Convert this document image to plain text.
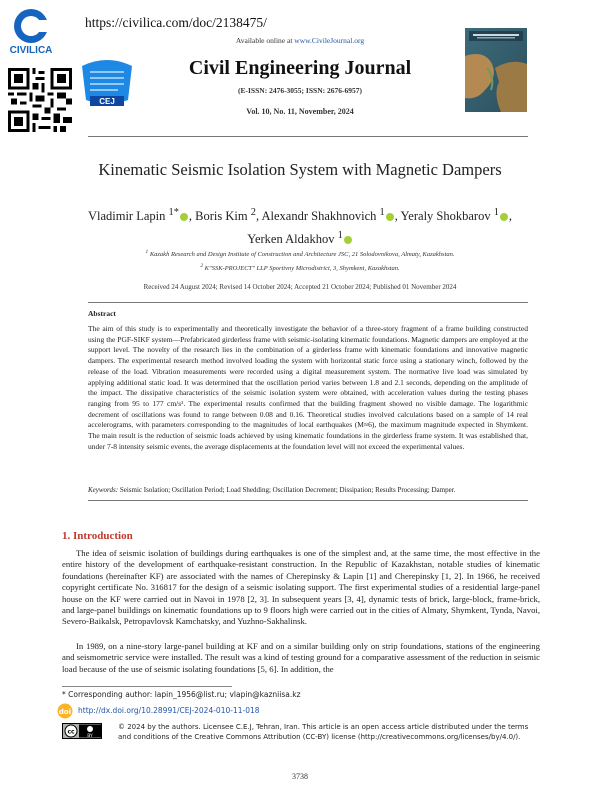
CIVILICA
https://civilica.com/doc/2138475/
CEJ
Available online at www.CivileJournal.org
Civil Engineering Journal
(E-ISSN: 2476-3055; ISSN: 2676-6957)
Vol. 10, No. 11, November, 2024
Kinematic Seismic Isolation System with Magnetic Dampers
Vladimir Lapin $^{1*}$ , Boris Kim $^2$, Alexandr Shakhnovich $^1$ , Yeraly Shokbarov $^1$ ,
Yerken Aldakhov $^1$
$^1$ Kazakh Research and Design Institute of Construction and Architecture JSC, 21 Solodovnikova, Almaty, Kazakhstan.
$^2$ K"SSK-PROJECT" LLP Sportivny Microdistrict, 3, Shymkent, Kazakhstan.
Received 24 August 2024; Revised 14 October 2024; Accepted 21 October 2024; Published 01 November 2024
Abstract
The aim of this study is to experimentally and theoretically investigate the behavior of a three-story fragment of a frame building constructed using the PGF-SIKF system—Prefabricated girderless frame with seismic-isolating kinematic foundations. Magnetic dampers are employed at the support level. The novelty of the research lies in the combination of a girderless frame with kinematic foundations and innovative magnetic dampers. The experimental research method involved loading the system with horizontal static force using a stationary winch, followed by the release of the load. Vibration measurements were recorded using a digital measurement system. The normative live load was simulated by applying additional static load. It was determined that the oscillation period varies between 1.8 and 2.1 seconds, depending on the amplitude of the impact. The dissipative characteristics of the seismic isolation system were obtained, with acceleration values during the testing phases ranging from 95 to 177 cm/s². The experimental results confirmed that the building fragment showed no visible damage. The logarithmic decrement of oscillations was found to range between 0.08 and 0.16. Theoretical studies involved calculations based on a sample of 14 real accelerograms, with parameters corresponding to the magnitudes of local earthquakes (M≈6), the maximum magnitude expected in Shymkent. The main result is the reduction of seismic loads achieved by using kinematic foundations in the girderless frame system. It was established that, under 7-8 intensity seismic events, the average displacements at the foundation level will not exceed the experimental values.
Keywords: Seismic Isolation; Oscillation Period; Load Shedding; Oscillation Decrement; Dissipation; Results Processing; Damper.
1. Introduction
The idea of seismic isolation of buildings during earthquakes is one of the simplest and, at the same time, the most effective in the entire history of the development of earthquake-resistant construction. In the Republic of Kazakhstan, notable studies of kinematic foundations (hereinafter KF) are associated with the names of Cherepinsky & Lapin [1] and Cherepinsky [1, 2]. In 1966, he received copyright certificate No. 316817 for the design of a seismic isolating support. The first experimental studies of a residential large-panel house on the KF were carried out in Navoi in 1978 [2, 3]. In subsequent years [3, 4], dynamic tests of brick, large-block, frame-brick, and large-panel buildings on kinematic foundations up to 9 floors high were carried out in the cities of Almaty, Shymkent, Tynda, Navoi, Severo-Baikalsk, Petropavlovsk Kamchatsky, and Yuzhno-Sakhalinsk.
In 1989, on a nine-story large-panel building at KF and on a similar building only on strip foundations, stations of the engineering and seismometric service were installed. The result was a kind of testing ground for a comparative assessment of the reduction in seismic load because of the use of seismic isolating foundations [5, 6]. In addition, the
* Corresponding author: lapin_1956@list.ru; vlapin@kazniisa.kz
doi http://dx.doi.org/10.28991/CEJ-2024-010-11-018
cc
BY
© 2024 by the authors. Licensee C.E.J, Tehran, Iran. This article is an open access article distributed under the terms and conditions of the Creative Commons Attribution (CC-BY) license (http://creativecommons.org/licenses/by/4.0/).
3738
